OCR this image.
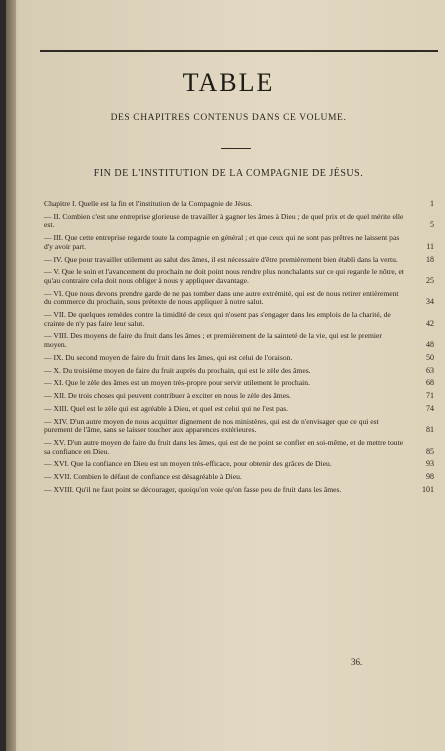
TABLE
DES CHAPITRES CONTENUS DANS CE VOLUME.
FIN DE L'INSTITUTION DE LA COMPAGNIE DE JÉSUS.
Chapitre I. Quelle est la fin et l'institution de la Compagnie de Jésus.	1
— II. Combien c'est une entreprise glorieuse de travailler à gagner les âmes à Dieu ; de quel prix et de quel mérite elle est.	5
— III. Que cette entreprise regarde toute la compagnie en général ; et que ceux qui ne sont pas prêtres ne laissent pas d'y avoir part.	11
— IV. Que pour travailler utilement au salut des âmes, il est nécessaire d'être premièrement bien établi dans la vertu.	18
— V. Que le soin et l'avancement du prochain ne doit point nous rendre plus nonchalants sur ce qui regarde le nôtre, et qu'au contraire cela doit nous obliger à nous y appliquer davantage.	25
— VI. Que nous devons prendre garde de ne pas tomber dans une autre extrémité, qui est de nous retirer entièrement du commerce du prochain, sous prétexte de nous appliquer à notre salut.	34
— VII. De quelques remèdes contre la timidité de ceux qui n'osent pas s'engager dans les emplois de la charité, de crainte de n'y pas faire leur salut.	42
— VIII. Des moyens de faire du fruit dans les âmes ; et premièrement de la sainteté de la vie, qui est le premier moyen.	48
— IX. Du second moyen de faire du fruit dans les âmes, qui est celui de l'oraison.	50
— X. Du troisième moyen de faire du fruit auprès du prochain, qui est le zèle des âmes.	63
— XI. Que le zèle des âmes est un moyen très-propre pour servir utilement le prochain.	68
— XII. De trois choses qui peuvent contribuer à exciter en nous le zèle des âmes.	71
— XIII. Quel est le zèle qui est agréable à Dieu, et quel est celui qui ne l'est pas.	74
— XIV. D'un autre moyen de nous acquitter dignement de nos ministères, qui est de n'envisager que ce qui est purement de l'âme, sans se laisser toucher aux apparences extérieures.	81
— XV. D'un autre moyen de faire du fruit dans les âmes, qui est de ne point se confier en soi-même, et de mettre toute sa confiance en Dieu.	85
— XVI. Que la confiance en Dieu est un moyen très-efficace, pour obtenir des grâces de Dieu.	93
— XVII. Combien le défaut de confiance est désagréable à Dieu.	98
— XVIII. Qu'il ne faut point se décourager, quoiqu'on voie qu'on fasse peu de fruit dans les âmes.	101
36.
